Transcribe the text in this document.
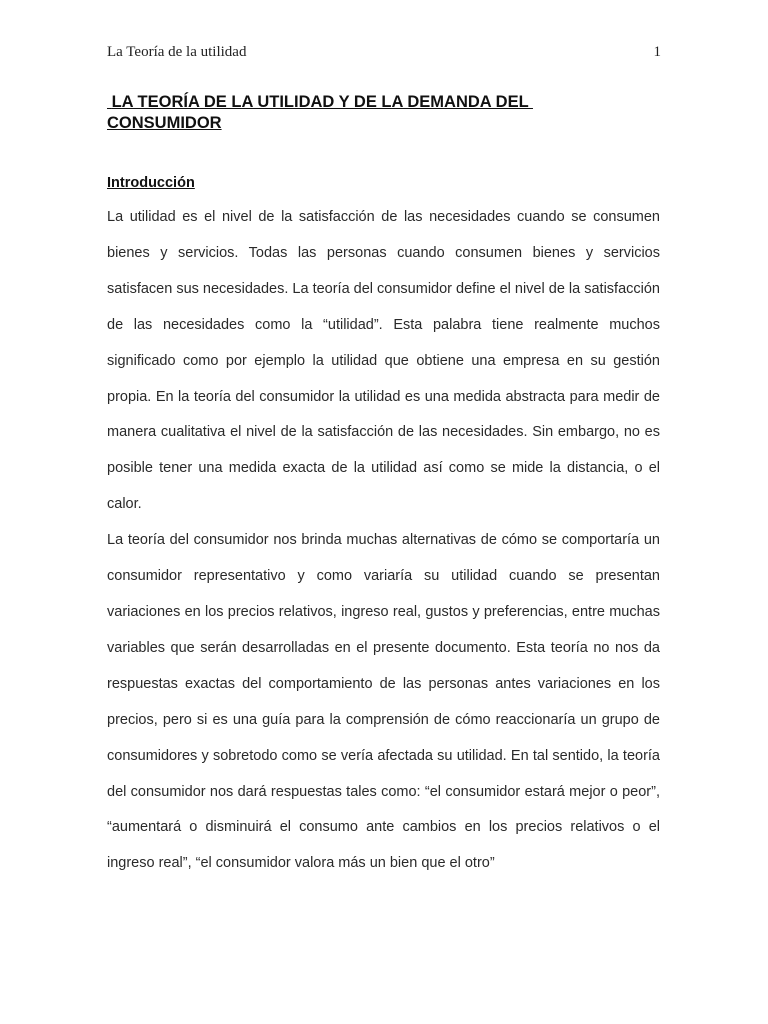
La Teoría de la utilidad	1
LA TEORÍA DE LA UTILIDAD Y DE LA DEMANDA DEL
CONSUMIDOR
Introducción

La utilidad es el nivel de la satisfacción de las necesidades cuando se consumen bienes y servicios. Todas las personas cuando consumen bienes y servicios satisfacen sus necesidades. La teoría del consumidor define el nivel de la satisfacción de las necesidades como la “utilidad”. Esta palabra tiene realmente muchos significado como por ejemplo la utilidad que obtiene una empresa en su gestión propia. En la teoría del consumidor la utilidad es una medida abstracta para medir de manera cualitativa el nivel de la satisfacción de las necesidades. Sin embargo, no es posible tener una medida exacta de la utilidad así como se mide la distancia, o el calor.

La teoría del consumidor nos brinda muchas alternativas de cómo se comportaría un consumidor representativo y como variaría su utilidad cuando se presentan variaciones en los precios relativos, ingreso real, gustos y preferencias, entre muchas variables que serán desarrolladas en el presente documento. Esta teoría no nos da respuestas exactas del comportamiento de las personas antes variaciones en los precios, pero si es una guía para la comprensión de cómo reaccionaría un grupo de consumidores y sobretodo como se vería afectada su utilidad. En tal sentido, la teoría del consumidor nos dará respuestas tales como: “el consumidor estará mejor o peor”, “aumentará o disminuirá el consumo ante cambios en los precios relativos o el ingreso real”, “el consumidor valora más un bien que el otro”
